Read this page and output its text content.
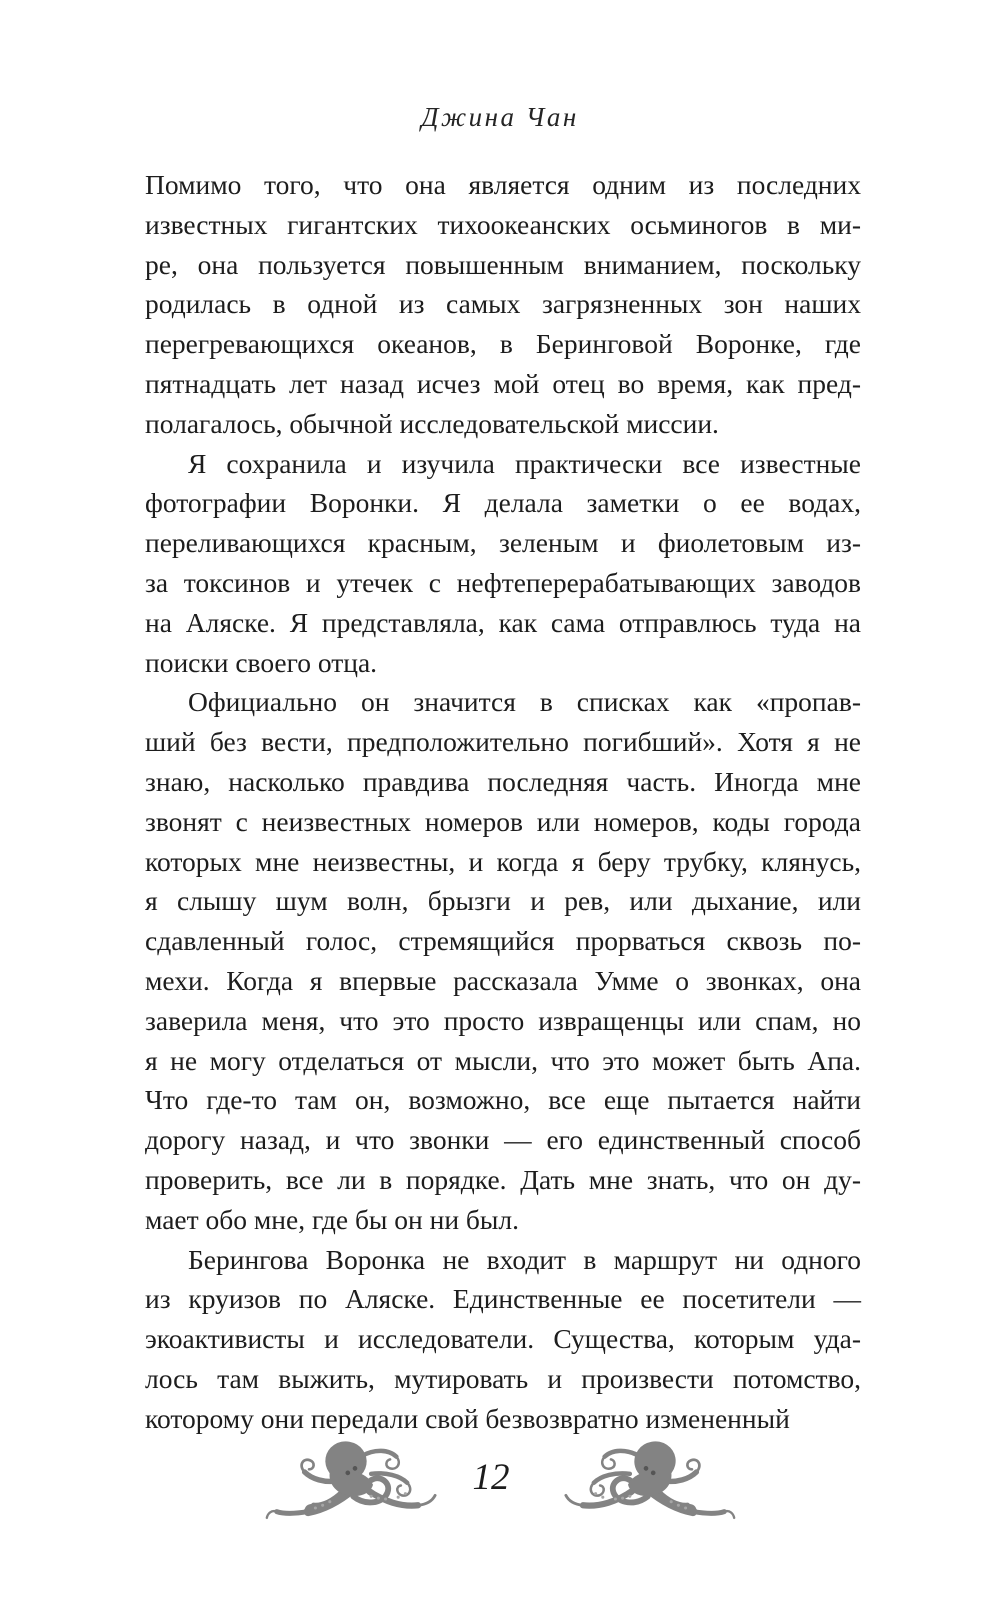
Джина Чан
Помимо того, что она является одним из последних
известных гигантских тихоокеанских осьминогов в ми-
ре, она пользуется повышенным вниманием, поскольку
родилась в одной из самых загрязненных зон наших
перегревающихся океанов, в Беринговой Воронке, где
пятнадцать лет назад исчез мой отец во время, как пред-
полагалось, обычной исследовательской миссии.
Я сохранила и изучила практически все известные
фотографии Воронки. Я делала заметки о ее водах,
переливающихся красным, зеленым и фиолетовым из-
за токсинов и утечек с нефтеперерабатывающих заводов
на Аляске. Я представляла, как сама отправлюсь туда на
поиски своего отца.
Официально он значится в списках как «пропав-
ший без вести, предположительно погибший». Хотя я не
знаю, насколько правдива последняя часть. Иногда мне
звонят с неизвестных номеров или номеров, коды города
которых мне неизвестны, и когда я беру трубку, клянусь,
я слышу шум волн, брызги и рев, или дыхание, или
сдавленный голос, стремящийся прорваться сквозь по-
мехи. Когда я впервые рассказала Умме о звонках, она
заверила меня, что это просто извращенцы или спам, но
я не могу отделаться от мысли, что это может быть Апа.
Что где-то там он, возможно, все еще пытается найти
дорогу назад, и что звонки — его единственный способ
проверить, все ли в порядке. Дать мне знать, что он ду-
мает обо мне, где бы он ни был.
Берингова Воронка не входит в маршрут ни одного
из круизов по Аляске. Единственные ее посетители —
экоактивисты и исследователи. Существа, которым уда-
лось там выжить, мутировать и произвести потомство,
которому они передали свой безвозвратно измененный
12
